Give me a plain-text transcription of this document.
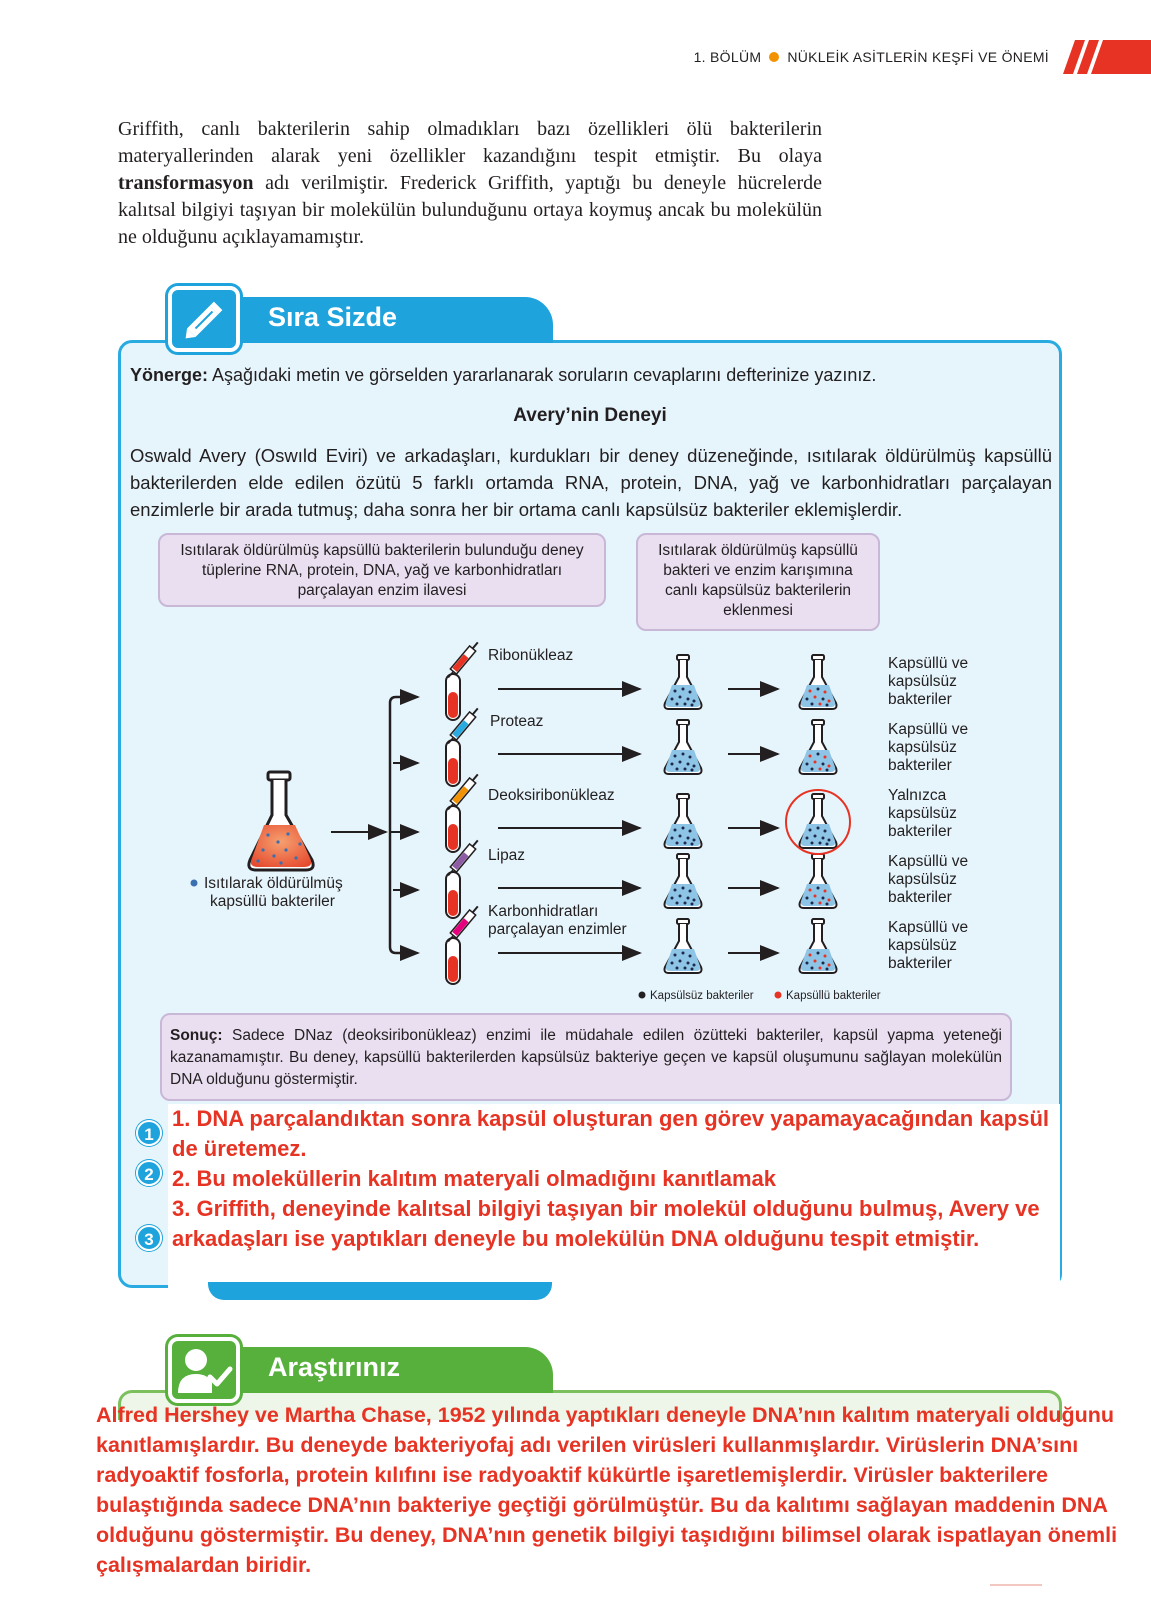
1. BÖLÜM NÜKLEİK ASİTLERİN KEŞFİ VE ÖNEMİ
Griffith, canlı bakterilerin sahip olmadıkları bazı özellikleri ölü bakterilerin materyallerinden alarak yeni özellikler kazandığını tespit etmiştir. Bu olaya transformasyon adı verilmiştir. Frederick Griffith, yaptığı bu deneyle hücrelerde kalıtsal bilgiyi taşıyan bir molekülün bulunduğunu ortaya koymuş ancak bu molekülün ne olduğunu açıklayamamıştır.
Sıra Sizde
Yönerge: Aşağıdaki metin ve görselden yararlanarak soruların cevaplarını defterinize yazınız.
Avery’nin Deneyi
Oswald Avery (Oswıld Eviri) ve arkadaşları, kurdukları bir deney düzeneğinde, ısıtılarak öldürülmüş kapsüllü bakterilerden elde edilen özütü 5 farklı ortamda RNA, protein, DNA, yağ ve karbonhidratları parçalayan enzimlerle bir arada tutmuş; daha sonra her bir ortama canlı kapsülsüz bakteriler eklemişlerdir.
Isıtılarak öldürülmüş kapsüllü bakterilerin bulunduğu deney tüplerine RNA, protein, DNA, yağ ve karbonhidratları parçalayan enzim ilavesi
Isıtılarak öldürülmüş kapsüllü bakteri ve enzim karışımına canlı kapsülsüz bakterilerin eklenmesi
Isıtılarak öldürülmüş
kapsüllü bakteriler
Ribonükleaz
Proteaz
Deoksiribonükleaz
Lipaz
Karbonhidratları
parçalayan enzimler
Kapsüllü ve
kapsülsüz
bakteriler
Kapsüllü ve
kapsülsüz
bakteriler
Yalnızca
kapsülsüz
bakteriler
Kapsüllü ve
kapsülsüz
bakteriler
Kapsüllü ve
kapsülsüz
bakteriler
Kapsülsüz bakteriler	Kapsüllü bakteriler
Sonuç: Sadece DNaz (deoksiribonükleaz) enzimi ile müdahale edilen özütteki bakteriler, kapsül yapma yeteneği kazanamamıştır. Bu deney, kapsüllü bakterilerden kapsülsüz bakteriye geçen ve kapsül oluşumunu sağlayan molekülün DNA olduğunu göstermiştir.
1
2
3

1. DNA parçalandıktan sonra kapsül oluşturan gen görev yapamayacağından kapsül de üretemez.

2. Bu moleküllerin kalıtım materyali olmadığını kanıtlamak

3. Griffith, deneyinde kalıtsal bilgiyi taşıyan bir molekül olduğunu bulmuş, Avery ve arkadaşları ise yaptıkları deneyle bu molekülün DNA olduğunu tespit etmiştir.

Araştırınız
Alfred Hershey ve Martha Chase, 1952 yılında yaptıkları deneyle DNA’nın kalıtım materyali olduğunu kanıtlamışlardır. Bu deneyde bakteriyofaj adı verilen virüsleri kullanmışlardır. Virüslerin DNA’sını radyoaktif fosforla, protein kılıfını ise radyoaktif kükürtle işaretlemişlerdir. Virüsler bakterilere bulaştığında sadece DNA’nın bakteriye geçtiği görülmüştür. Bu da kalıtımı sağlayan maddenin DNA olduğunu göstermiştir. Bu deney, DNA’nın genetik bilgiyi taşıdığını bilimsel olarak ispatlayan önemli çalışmalardan biridir.
